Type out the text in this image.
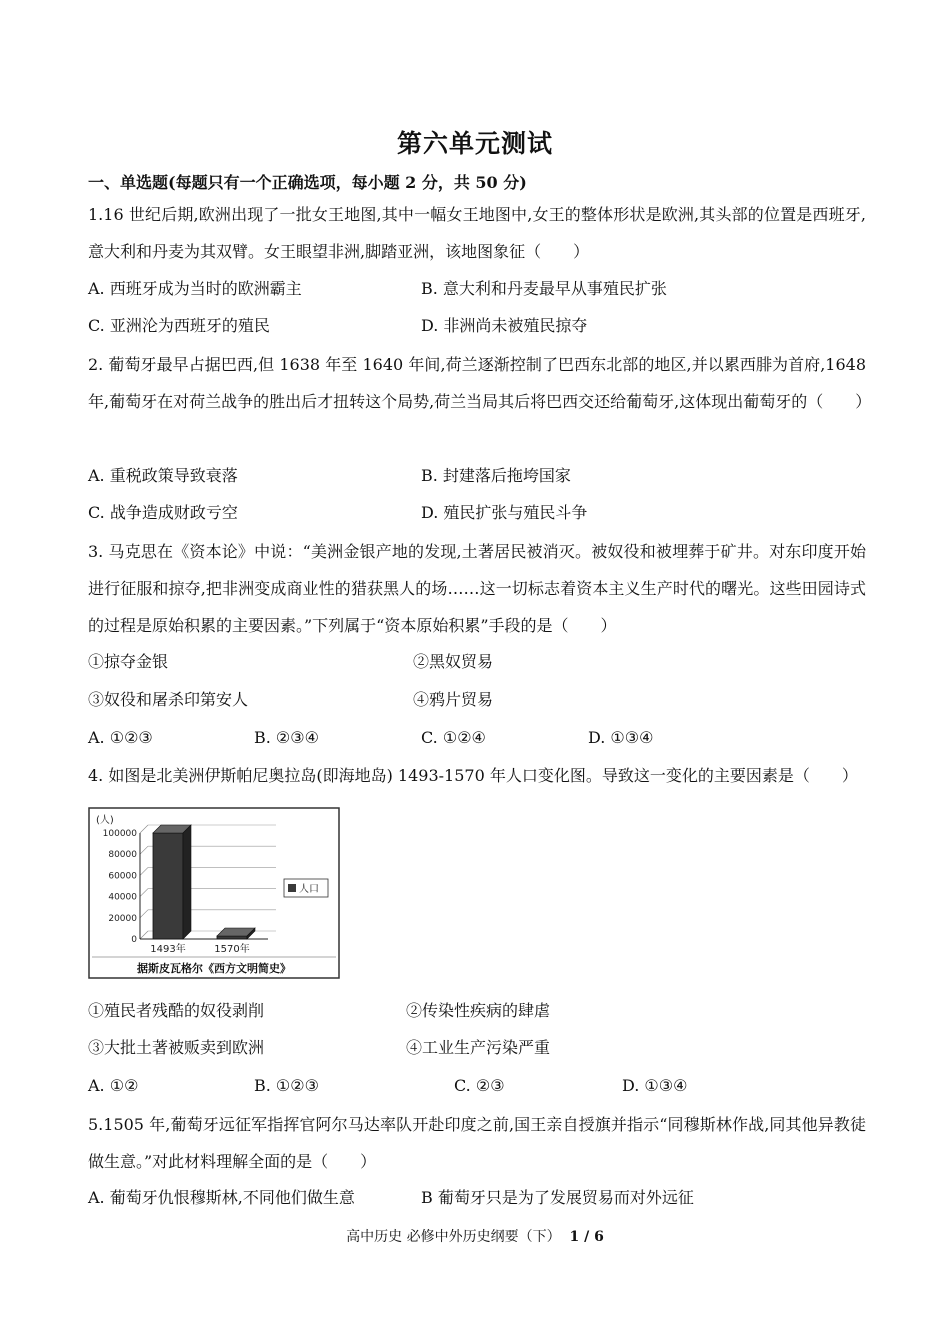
第六单元测试
一、单选题(每题只有一个正确选项，每小题 2 分，共 50 分)
1.16 世纪后期,欧洲出现了一批女王地图,其中一幅女王地图中,女王的整体形状是欧洲,其头部的位置是西班牙,意大利和丹麦为其双臂。女王眼望非洲,脚踏亚洲，该地图象征（　　）
A. 西班牙成为当时的欧洲霸主	B. 意大利和丹麦最早从事殖民扩张
C. 亚洲沦为西班牙的殖民	D. 非洲尚未被殖民掠夺
2. 葡萄牙最早占据巴西,但 1638 年至 1640 年间,荷兰逐渐控制了巴西东北部的地区,并以累西腓为首府,1648 年,葡萄牙在对荷兰战争的胜出后才扭转这个局势,荷兰当局其后将巴西交还给葡萄牙,这体现出葡萄牙的（　　）
A. 重税政策导致衰落	B. 封建落后拖垮国家
C. 战争造成财政亏空	D. 殖民扩张与殖民斗争
3. 马克思在《资本论》中说：“美洲金银产地的发现,土著居民被消灭。被奴役和被埋葬于矿井。对东印度开始进行征服和掠夺,把非洲变成商业性的猎获黑人的场……这一切标志着资本主义生产时代的曙光。这些田园诗式的过程是原始积累的主要因素。”下列属于“资本原始积累”手段的是（　　）
①掠夺金银	②黑奴贸易
③奴役和屠杀印第安人	④鸦片贸易
A. ①②③	B. ②③④	C. ①②④	D. ①③④
4. 如图是北美洲伊斯帕尼奥拉岛(即海地岛) 1493-1570 年人口变化图。导致这一变化的主要因素是（　　）
100000
80000
60000
40000
20000
0
(人)
1493年	1570年
人口
据斯皮瓦格尔《西方文明简史》
①殖民者残酷的奴役剥削	②传染性疾病的肆虐
③大批土著被贩卖到欧洲	④工业生产污染严重
A. ①②	B. ①②③	C. ②③	D. ①③④
5.1505 年,葡萄牙远征军指挥官阿尔马达率队开赴印度之前,国王亲自授旗并指示“同穆斯林作战,同其他异教徒做生意。”对此材料理解全面的是（　　）
A. 葡萄牙仇恨穆斯林,不同他们做生意	B 葡萄牙只是为了发展贸易而对外远征
高中历史 必修中外历史纲要（下） 1 / 6
